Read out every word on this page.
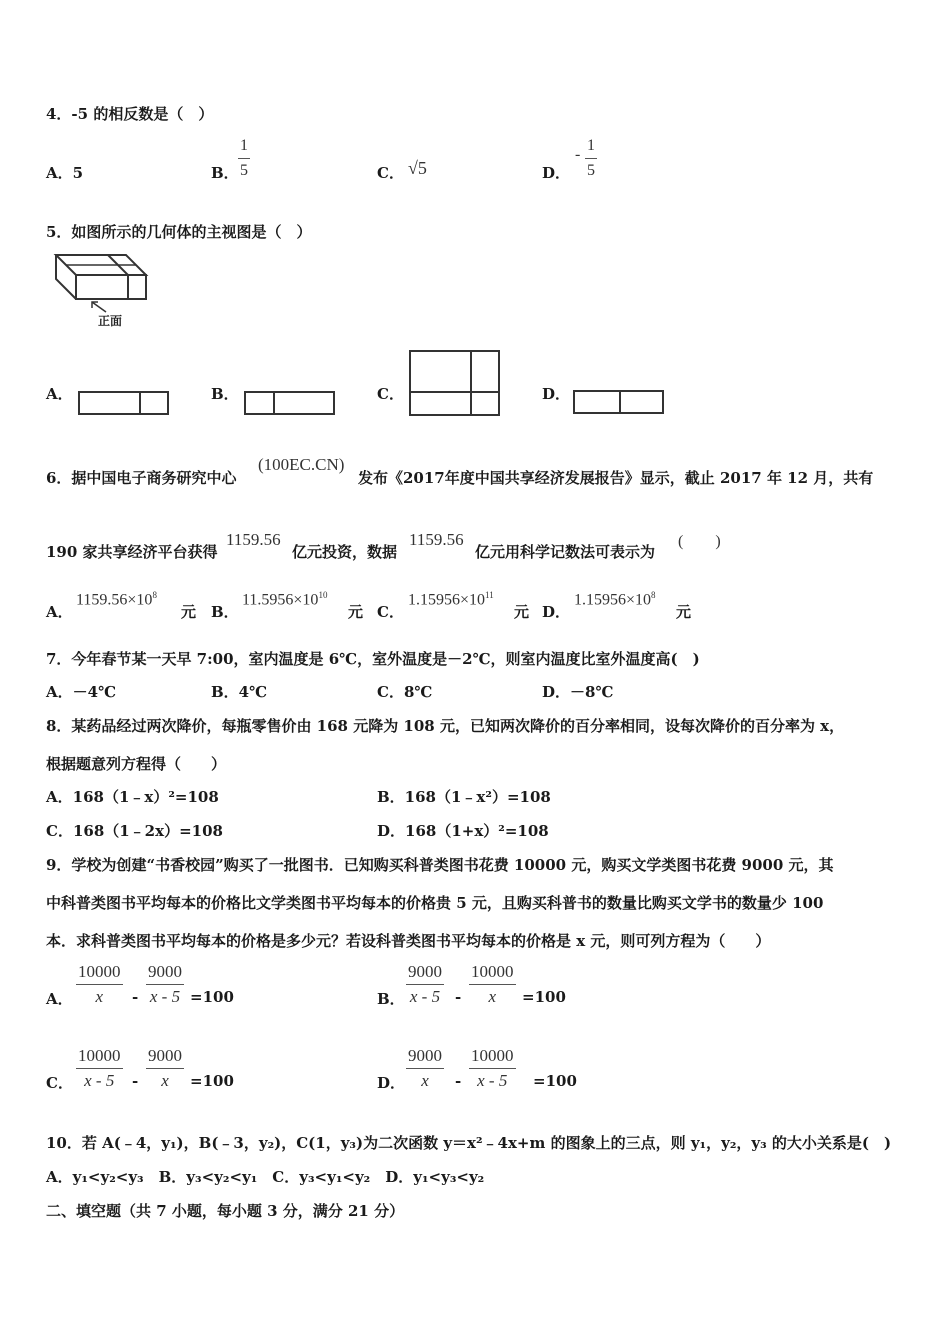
4．-5 的相反数是（　）
A．5	B．
1
5	C． √5	D．
-
1
5
5．如图所示的几何体的主视图是（　）
正面
A．	B．	C．	D．
6．据中国电子商务研究中心
(100EC.CN)
发布《2017年度中国共享经济发展报告》显示，截止 2017 年 12 月，共有
190 家共享经济平台获得
1159.56
亿元投资，数据
1159.56
亿元用科学记数法可表示为
(　　)
A．
$1159.56\times 10^8$
元 B．
$11.5956\times 10^{10}$
元 C．
$1.15956\times 10^{11}$
元 D．
$1.15956\times 10^8$
元
7．今年春节某一天早 7:00，室内温度是 6℃，室外温度是－2℃，则室内温度比室外温度高(　)
A．－4℃	B．4℃	C．8℃	D．－8℃
8．某药品经过两次降价，每瓶零售价由 168 元降为 108 元，已知两次降价的百分率相同，设每次降价的百分率为 x，
根据题意列方程得（　　）
A．168（1﹣x）²=108	B．168（1﹣x²）=108
C．168（1﹣2x）=108	D．168（1+x）²=108
9．学校为创建“书香校园”购买了一批图书．已知购买科普类图书花费 10000 元，购买文学类图书花费 9000 元，其
中科普类图书平均每本的价格比文学类图书平均每本的价格贵 5 元，且购买科普书的数量比购买文学书的数量少 100
本．求科普类图书平均每本的价格是多少元？若设科普类图书平均每本的价格是 x 元，则可列方程为（　　）
A．
10000
x -
9000
x - 5 =100	B．
9000
x - 5 -
10000
x =100
C．
10000
x - 5 -
9000
x =100	D．
9000
x -
10000
x - 5 =100
10．若 A(﹣4，y₁)，B(﹣3，y₂)，C(1，y₃)为二次函数 y＝x²﹣4x+m 的图象上的三点，则 y₁，y₂，y₃ 的大小关系是(　)
A．y₁<y₂<y₃　B．y₃<y₂<y₁　C．y₃<y₁<y₂　D．y₁<y₃<y₂
二、填空题（共 7 小题，每小题 3 分，满分 21 分）
